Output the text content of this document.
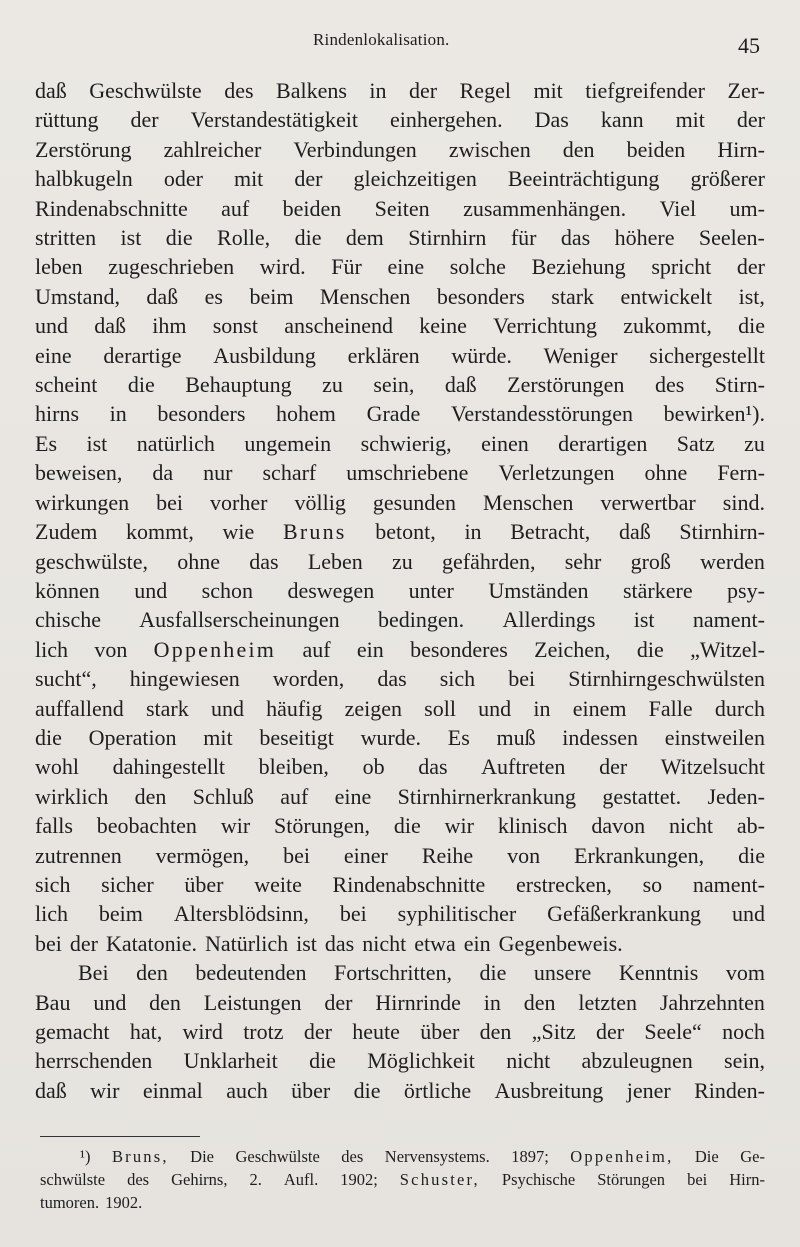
Rindenlokalisation.	45
daß Geschwülste des Balkens in der Regel mit tiefgreifender Zer-
rüttung der Verstandestätigkeit einhergehen. Das kann mit der
Zerstörung zahlreicher Verbindungen zwischen den beiden Hirn-
halbkugeln oder mit der gleichzeitigen Beeinträchtigung größerer
Rindenabschnitte auf beiden Seiten zusammenhängen. Viel um-
stritten ist die Rolle, die dem Stirnhirn für das höhere Seelen-
leben zugeschrieben wird. Für eine solche Beziehung spricht der
Umstand, daß es beim Menschen besonders stark entwickelt ist,
und daß ihm sonst anscheinend keine Verrichtung zukommt, die
eine derartige Ausbildung erklären würde. Weniger sichergestellt
scheint die Behauptung zu sein, daß Zerstörungen des Stirn-
hirns in besonders hohem Grade Verstandesstörungen bewirken¹).
Es ist natürlich ungemein schwierig, einen derartigen Satz zu
beweisen, da nur scharf umschriebene Verletzungen ohne Fern-
wirkungen bei vorher völlig gesunden Menschen verwertbar sind.
Zudem kommt, wie Bruns betont, in Betracht, daß Stirnhirn-
geschwülste, ohne das Leben zu gefährden, sehr groß werden
können und schon deswegen unter Umständen stärkere psy-
chische Ausfallserscheinungen bedingen. Allerdings ist nament-
lich von Oppenheim auf ein besonderes Zeichen, die „Witzel-
sucht“, hingewiesen worden, das sich bei Stirnhirngeschwülsten
auffallend stark und häufig zeigen soll und in einem Falle durch
die Operation mit beseitigt wurde. Es muß indessen einstweilen
wohl dahingestellt bleiben, ob das Auftreten der Witzelsucht
wirklich den Schluß auf eine Stirnhirnerkrankung gestattet. Jeden-
falls beobachten wir Störungen, die wir klinisch davon nicht ab-
zutrennen vermögen, bei einer Reihe von Erkrankungen, die
sich sicher über weite Rindenabschnitte erstrecken, so nament-
lich beim Altersblödsinn, bei syphilitischer Gefäßerkrankung und
bei der Katatonie. Natürlich ist das nicht etwa ein Gegenbeweis.
Bei den bedeutenden Fortschritten, die unsere Kenntnis vom
Bau und den Leistungen der Hirnrinde in den letzten Jahrzehnten
gemacht hat, wird trotz der heute über den „Sitz der Seele“ noch
herrschenden Unklarheit die Möglichkeit nicht abzuleugnen sein,
daß wir einmal auch über die örtliche Ausbreitung jener Rinden-
¹) Bruns, Die Geschwülste des Nervensystems. 1897; Oppenheim, Die Ge-
schwülste des Gehirns, 2. Aufl. 1902; Schuster, Psychische Störungen bei Hirn-
tumoren. 1902.
